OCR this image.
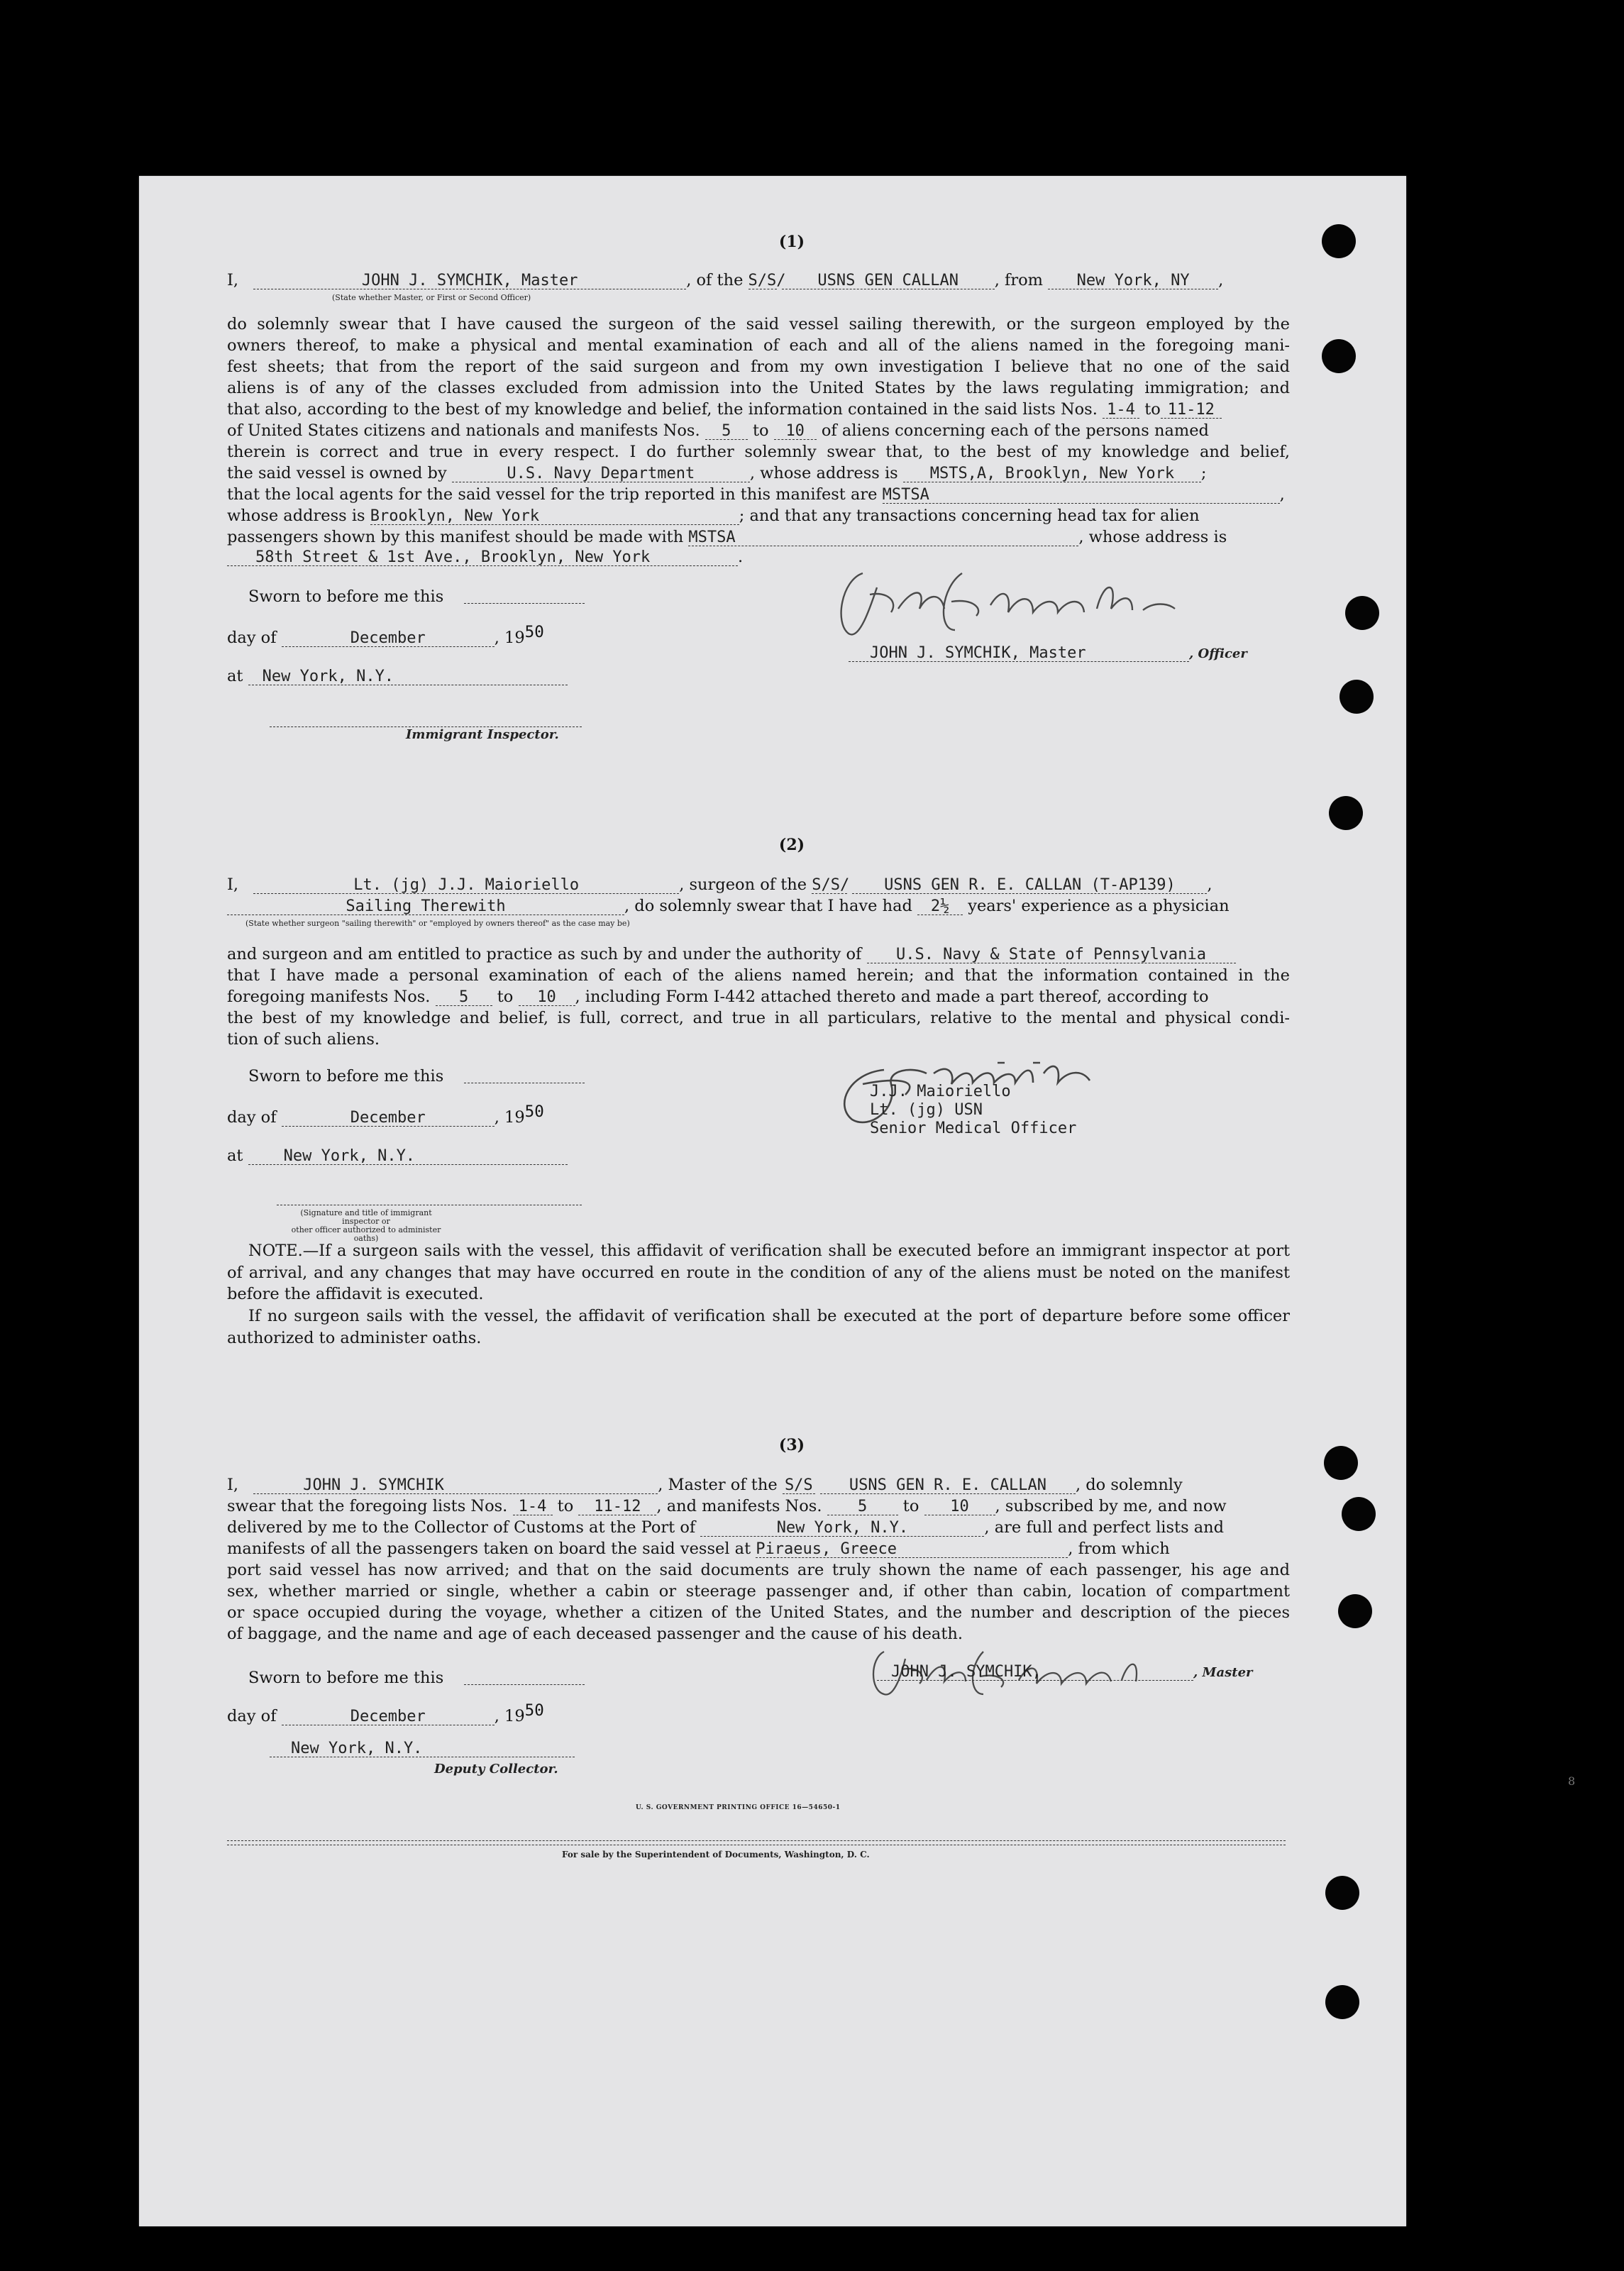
(1)
I,	JOHN J. SYMCHIK, Master	, of the S/S/ USNS GEN CALLAN , from New York, NY ,
(State whether Master, or First or Second Officer)
do solemnly swear that I have caused the surgeon of the said vessel sailing therewith, or the surgeon employed by the
owners thereof, to make a physical and mental examination of each and all of the aliens named in the foregoing mani-
fest sheets; that from the report of the said surgeon and from my own investigation I believe that no one of the said
aliens is of any of the classes excluded from admission into the United States by the laws regulating immigration; and
that also, according to the best of my knowledge and belief, the information contained in the said lists Nos. 1-4 to 11-12
of United States citizens and nationals and manifests Nos. 5 to 10 of aliens concerning each of the persons named
therein is correct and true in every respect. I do further solemnly swear that, to the best of my knowledge and belief,
the said vessel is owned by	U.S. Navy Department	, whose address is MSTS,A, Brooklyn, New York ;
that the local agents for the said vessel for the trip reported in this manifest are MSTSA	,
whose address is Brooklyn, New York	; and that any transactions concerning head tax for alien
passengers shown by this manifest should be made with MSTSA	, whose address is
58th Street & 1st Ave., Brooklyn, New York	.
Sworn to before me this
day of	December	, 1950
at New York, N.Y.
Immigrant Inspector.
JOHN J. SYMCHIK, Master	, Officer
(2)
I,	Lt. (jg) J.J. Maioriello	, surgeon of the S/S/ USNS GEN R. E. CALLAN (T-AP139) ,
Sailing Therewith	, do solemnly swear that I have had 2½ years' experience as a physician
(State whether surgeon "sailing therewith" or "employed by owners thereof" as the case may be)
and surgeon and am entitled to practice as such by and under the authority of U.S. Navy & State of Pennsylvania
that I have made a personal examination of each of the aliens named herein; and that the information contained in the
foregoing manifests Nos. 5 to 10 , including Form I-442 attached thereto and made a part thereof, according to
the best of my knowledge and belief, is full, correct, and true in all particulars, relative to the mental and physical condi-
tion of such aliens.
Sworn to before me this
day of	December	, 1950
at	New York, N.Y.
(Signature and title of immigrant inspector or
other officer authorized to administer oaths)
J.J. Maioriello
Lt. (jg) USN
Senior Medical Officer
NOTE.—If a surgeon sails with the vessel, this affidavit of verification shall be executed before an immigrant inspector at port of arrival, and any changes that may have occurred en route in the condition of any of the aliens must be noted on the manifest before the affidavit is executed.
If no surgeon sails with the vessel, the affidavit of verification shall be executed at the port of departure before some officer authorized to administer oaths.
(3)
I,	JOHN J. SYMCHIK	, Master of the S/S USNS GEN R. E. CALLAN , do solemnly
swear that the foregoing lists Nos. 1-4 to 11-12 , and manifests Nos. 5 to 10 , subscribed by me, and now
delivered by me to the Collector of Customs at the Port of	New York, N.Y.	, are full and perfect lists and
manifests of all the passengers taken on board the said vessel at Piraeus, Greece	, from which
port said vessel has now arrived; and that on the said documents are truly shown the name of each passenger, his age and
sex, whether married or single, whether a cabin or steerage passenger and, if other than cabin, location of compartment
or space occupied during the voyage, whether a citizen of the United States, and the number and description of the pieces
of baggage, and the name and age of each deceased passenger and the cause of his death.
Sworn to before me this
day of	December	, 1950
New York, N.Y.
Deputy Collector.
JOHN J. SYMCHIK,	, Master
U. S. GOVERNMENT PRINTING OFFICE 16—54650-1
For sale by the Superintendent of Documents, Washington, D. C.
8
